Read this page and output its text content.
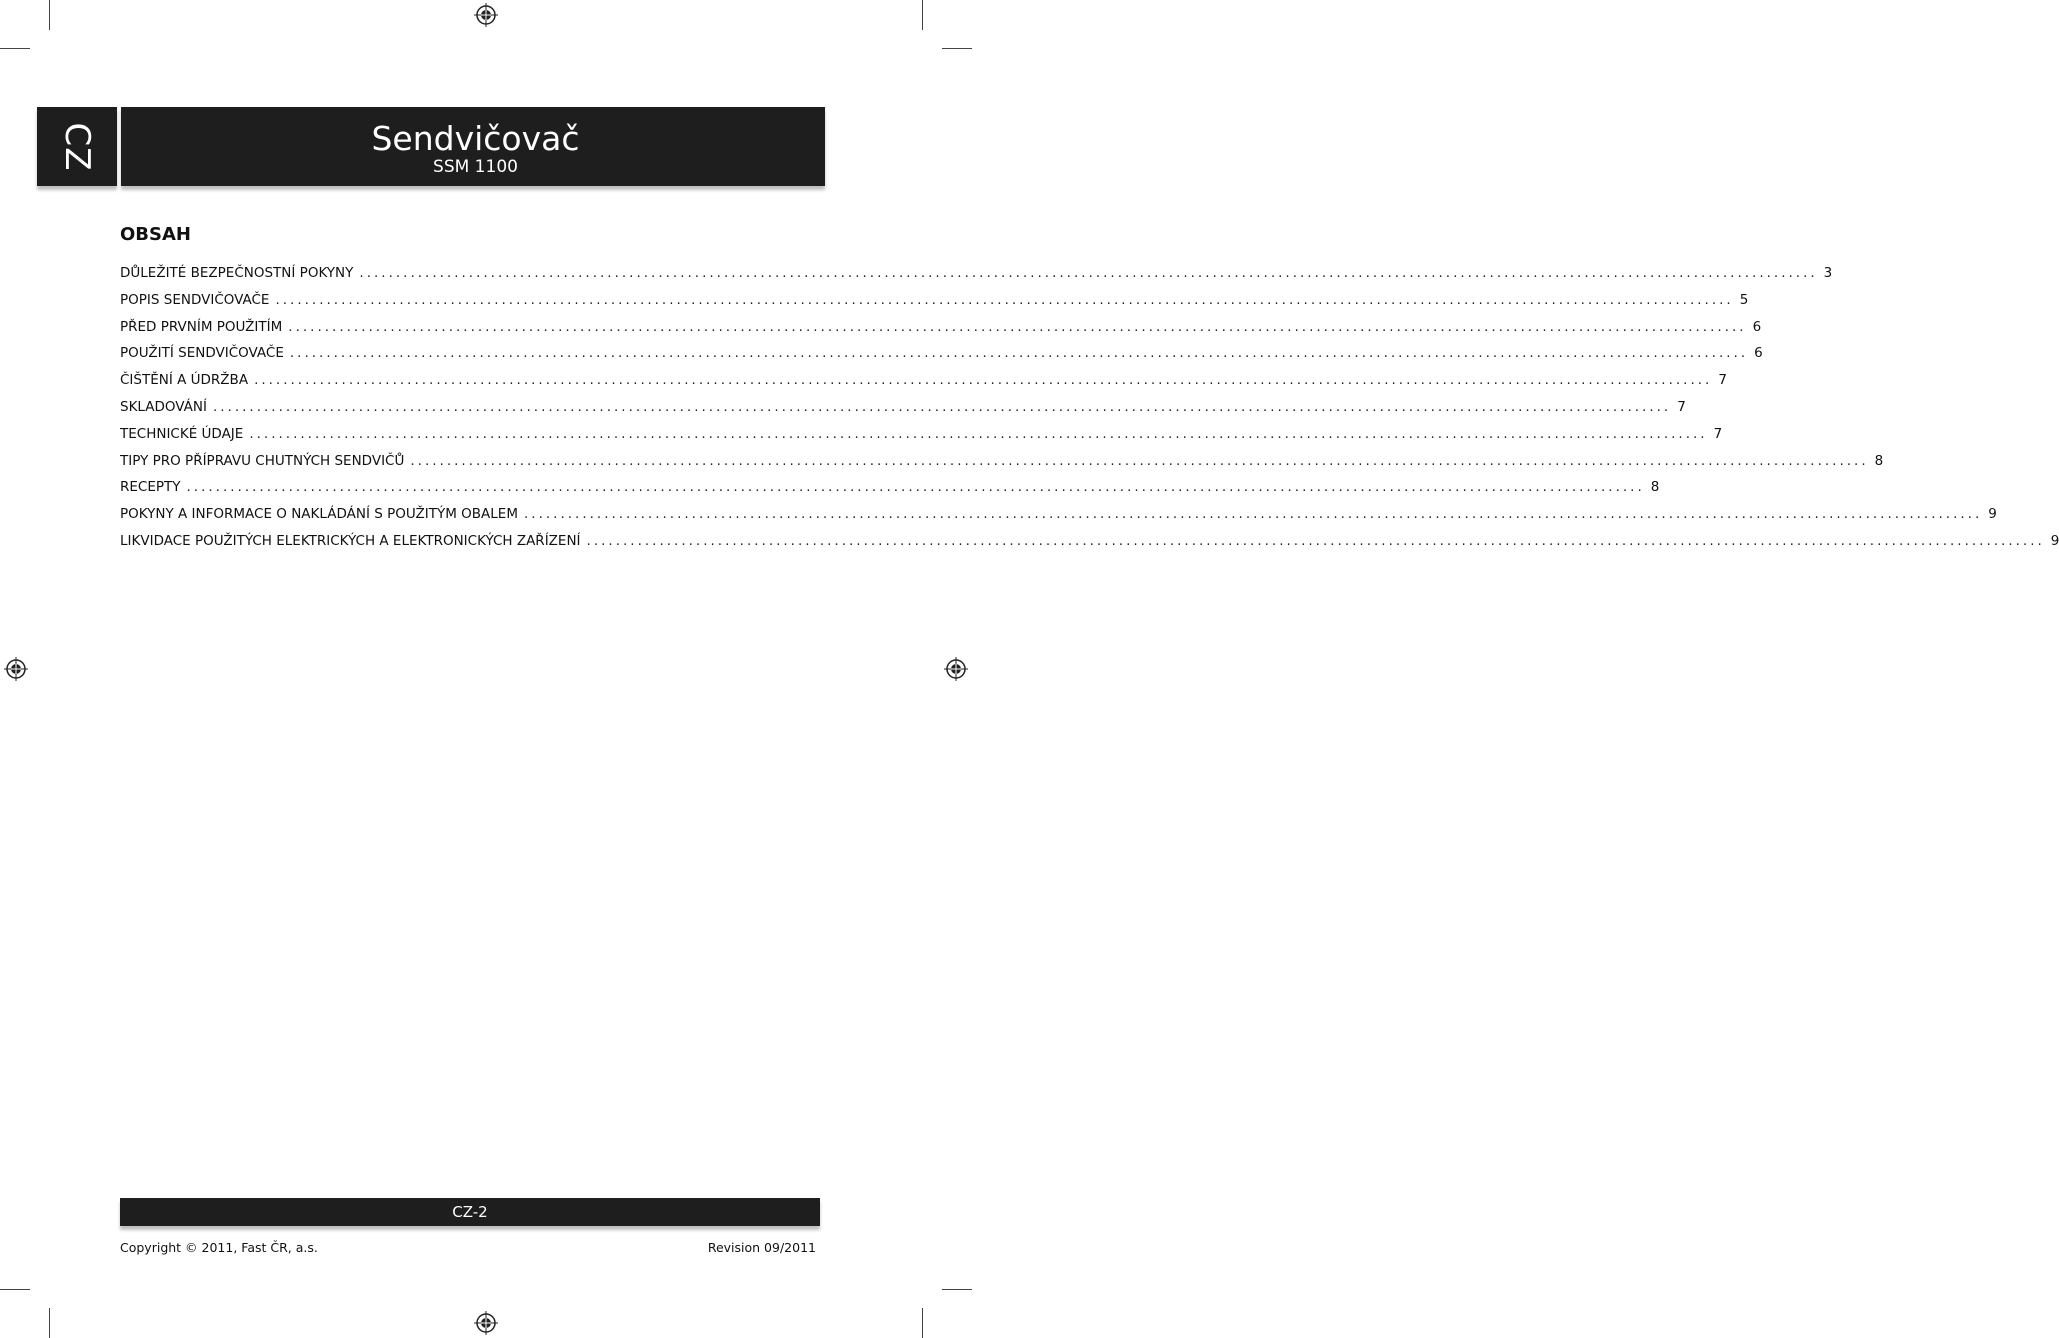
CZ	Sendvičovač
SSM 1100
OBSAH
DŮLEŽITÉ BEZPEČNOSTNÍ POKYNY ........................................................................................................................................................................................................ 3
POPIS SENDVIČOVAČE ........................................................................................................................................................................................................ 5
PŘED PRVNÍM POUŽITÍM ........................................................................................................................................................................................................ 6
POUŽITÍ SENDVIČOVAČE ........................................................................................................................................................................................................ 6
ČIŠTĚNÍ A ÚDRŽBA ........................................................................................................................................................................................................ 7
SKLADOVÁNÍ ........................................................................................................................................................................................................ 7
TECHNICKÉ ÚDAJE ........................................................................................................................................................................................................ 7
TIPY PRO PŘÍPRAVU CHUTNÝCH SENDVIČŮ ........................................................................................................................................................................................................ 8
RECEPTY ........................................................................................................................................................................................................ 8
POKYNY A INFORMACE O NAKLÁDÁNÍ S POUŽITÝM OBALEM ........................................................................................................................................................................................................ 9
LIKVIDACE POUŽITÝCH ELEKTRICKÝCH A ELEKTRONICKÝCH ZAŘÍZENÍ ........................................................................................................................................................................................................ 9
CZ-2
Copyright © 2011, Fast ČR, a.s.	Revision 09/2011
